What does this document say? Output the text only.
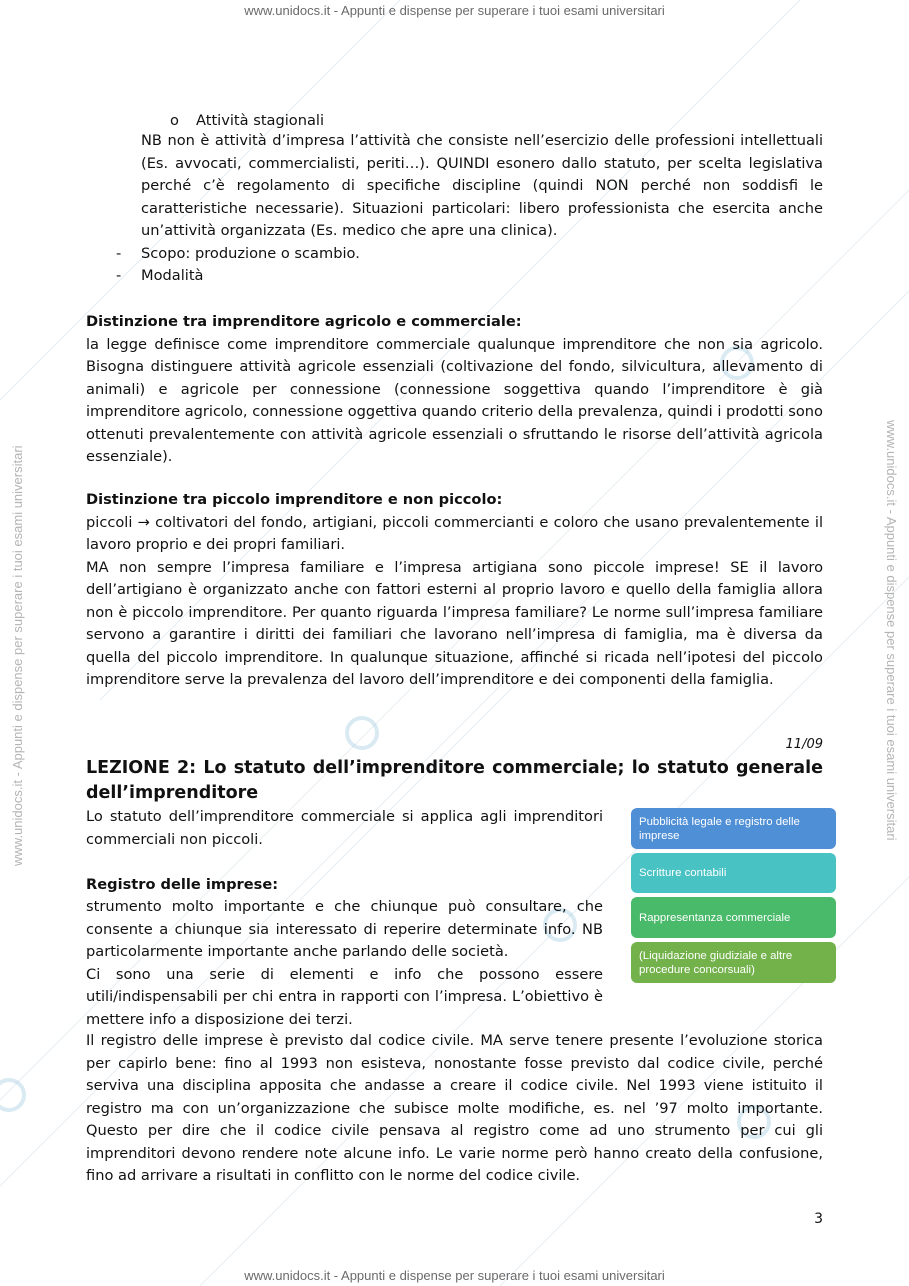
www.unidocs.it - Appunti e dispense per superare i tuoi esami universitari
www.unidocs.it - Appunti e dispense per superare i tuoi esami universitari
www.unidocs.it - Appunti e dispense per superare i tuoi esami universitari	www.unidocs.it - Appunti e dispense per superare i tuoi esami universitari
o Attività stagionali
NB non è attività d’impresa l’attività che consiste nell’esercizio delle professioni intellettuali (Es. avvocati, commercialisti, periti…). QUINDI esonero dallo statuto, per scelta legislativa perché c’è regolamento di specifiche discipline (quindi NON perché non soddisfi le caratteristiche necessarie). Situazioni particolari: libero professionista che esercita anche un’attività organizzata (Es. medico che apre una clinica).
- Scopo: produzione o scambio.
- Modalità
Distinzione tra imprenditore agricolo e commerciale:
la legge definisce come imprenditore commerciale qualunque imprenditore che non sia agricolo. Bisogna distinguere attività agricole essenziali (coltivazione del fondo, silvicultura, allevamento di animali) e agricole per connessione (connessione soggettiva quando l’imprenditore è già imprenditore agricolo, connessione oggettiva quando criterio della prevalenza, quindi i prodotti sono ottenuti prevalentemente con attività agricole essenziali o sfruttando le risorse dell’attività agricola essenziale).
Distinzione tra piccolo imprenditore e non piccolo:
piccoli → coltivatori del fondo, artigiani, piccoli commercianti e coloro che usano prevalentemente il lavoro proprio e dei propri familiari.
MA non sempre l’impresa familiare e l’impresa artigiana sono piccole imprese! SE il lavoro dell’artigiano è organizzato anche con fattori esterni al proprio lavoro e quello della famiglia allora non è piccolo imprenditore. Per quanto riguarda l’impresa familiare? Le norme sull’impresa familiare servono a garantire i diritti dei familiari che lavorano nell’impresa di famiglia, ma è diversa da quella del piccolo imprenditore. In qualunque situazione, affinché si ricada nell’ipotesi del piccolo imprenditore serve la prevalenza del lavoro dell’imprenditore e dei componenti della famiglia.
11/09
LEZIONE 2: Lo statuto dell’imprenditore commerciale; lo statuto generale dell’imprenditore
Lo statuto dell’imprenditore commerciale si applica agli imprenditori commerciali non piccoli.
Registro delle imprese:
strumento molto importante e che chiunque può consultare, che consente a chiunque sia interessato di reperire determinate info. NB particolarmente importante anche parlando delle società.
Ci sono una serie di elementi e info che possono essere utili/indispensabili per chi entra in rapporti con l’impresa. L’obiettivo è mettere info a disposizione dei terzi.
Il registro delle imprese è previsto dal codice civile. MA serve tenere presente l’evoluzione storica per capirlo bene: fino al 1993 non esisteva, nonostante fosse previsto dal codice civile, perché serviva una disciplina apposita che andasse a creare il codice civile. Nel 1993 viene istituito il registro ma con un’organizzazione che subisce molte modifiche, es. nel ’97 molto importante. Questo per dire che il codice civile pensava al registro come ad uno strumento per cui gli imprenditori devono rendere note alcune info. Le varie norme però hanno creato della confusione, fino ad arrivare a risultati in conflitto con le norme del codice civile.
Pubblicità legale e registro delle imprese
Scritture contabili
Rappresentanza commerciale
(Liquidazione giudiziale e altre procedure concorsuali)
3
